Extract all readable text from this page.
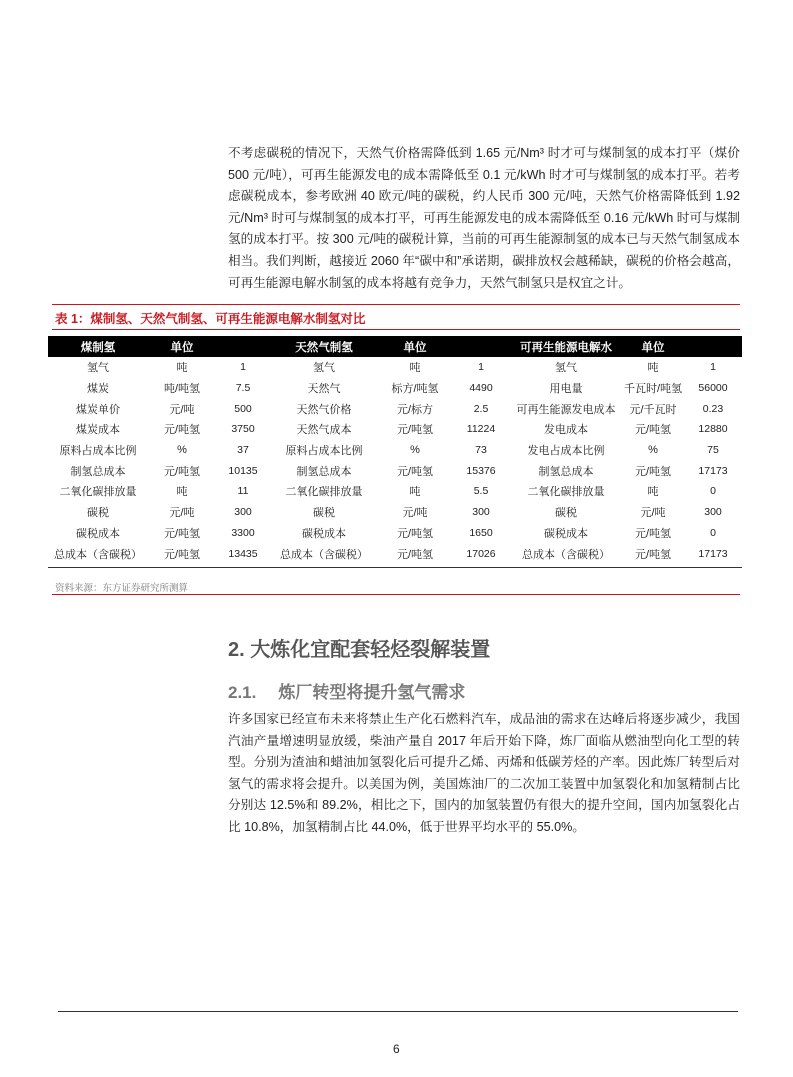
不考虑碳税的情况下，天然气价格需降低到 1.65 元/Nm³ 时才可与煤制氢的成本打平（煤价 500 元/吨），可再生能源发电的成本需降低至 0.1 元/kWh 时才可与煤制氢的成本打平。若考虑碳税成本，参考欧洲 40 欧元/吨的碳税，约人民币 300 元/吨，天然气价格需降低到 1.92 元/Nm³ 时可与煤制氢的成本打平，可再生能源发电的成本需降低至 0.16 元/kWh 时可与煤制氢的成本打平。按 300 元/吨的碳税计算，当前的可再生能源制氢的成本已与天然气制氢成本相当。我们判断，越接近 2060 年“碳中和”承诺期，碳排放权会越稀缺，碳税的价格会越高，可再生能源电解水制氢的成本将越有竞争力，天然气制氢只是权宜之计。

表 1：煤制氢、天然气制氢、可再生能源电解水制氢对比
煤制氢	单位		天然气制氢	单位		可再生能源电解水	单位	
氢气	吨	1	氢气	吨	1	氢气	吨	1
煤炭	吨/吨氢	7.5	天然气	标方/吨氢	4490	用电量	千瓦时/吨氢	56000
煤炭单价	元/吨	500	天然气价格	元/标方	2.5	可再生能源发电成本	元/千瓦时	0.23
煤炭成本	元/吨氢	3750	天然气成本	元/吨氢	11224	发电成本	元/吨氢	12880
原料占成本比例	%	37	原料占成本比例	%	73	发电占成本比例	%	75
制氢总成本	元/吨氢	10135	制氢总成本	元/吨氢	15376	制氢总成本	元/吨氢	17173
二氧化碳排放量	吨	11	二氧化碳排放量	吨	5.5	二氧化碳排放量	吨	0
碳税	元/吨	300	碳税	元/吨	300	碳税	元/吨	300
碳税成本	元/吨氢	3300	碳税成本	元/吨氢	1650	碳税成本	元/吨氢	0
总成本（含碳税）	元/吨氢	13435	总成本（含碳税）	元/吨氢	17026	总成本（含碳税）	元/吨氢	17173
资料来源：东方证券研究所测算
2. 大炼化宜配套轻烃裂解装置
2.1. 炼厂转型将提升氢气需求

许多国家已经宣布未来将禁止生产化石燃料汽车，成品油的需求在达峰后将逐步减少，我国汽油产量增速明显放缓，柴油产量自 2017 年后开始下降，炼厂面临从燃油型向化工型的转型。分别为渣油和蜡油加氢裂化后可提升乙烯、丙烯和低碳芳烃的产率。因此炼厂转型后对氢气的需求将会提升。以美国为例，美国炼油厂的二次加工装置中加氢裂化和加氢精制占比分别达 12.5%和 89.2%，相比之下，国内的加氢装置仍有很大的提升空间，国内加氢裂化占比 10.8%，加氢精制占比 44.0%，低于世界平均水平的 55.0%。

6
